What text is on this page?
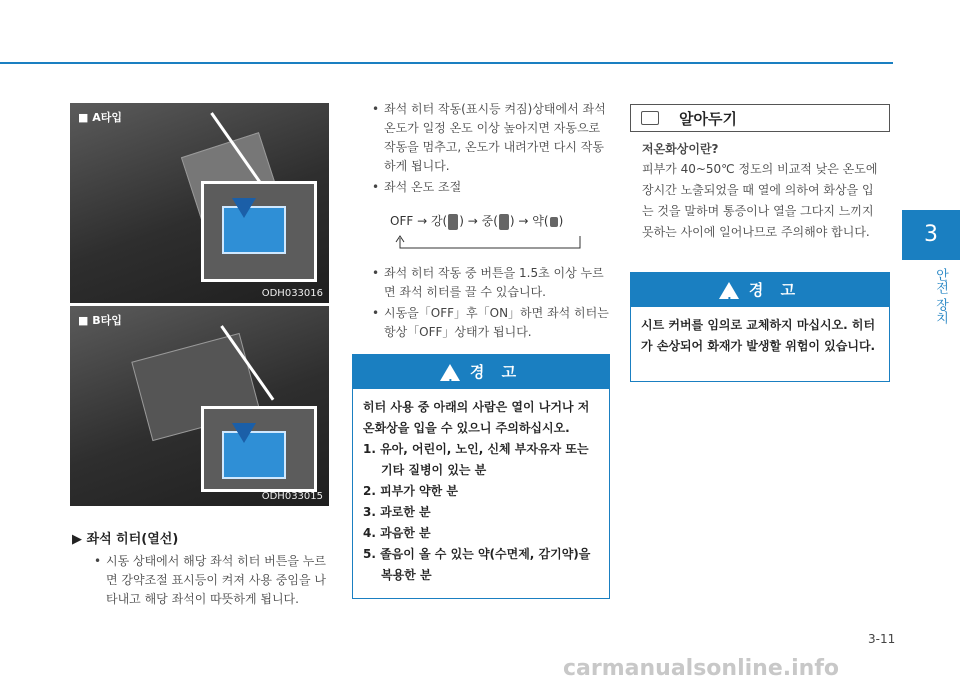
3
안전 장치
■ A타입
ODH033016
■ B타입
ODH033015
▶ 좌석 히터(열선)
• 시동 상태에서 해당 좌석 히터 버튼을 누르면 강약조절 표시등이 켜져 사용 중임을 나타내고 해당 좌석이 따뜻하게 됩니다.
• 좌석 히터 작동(표시등 켜짐)상태에서 좌석 온도가 일정 온도 이상 높아지면 자동으로 작동을 멈추고, 온도가 내려가면 다시 작동하게 됩니다.
• 좌석 온도 조절
OFF → 강( ) → 중( ) → 약( )
• 좌석 히터 작동 중 버튼을 1.5초 이상 누르면 좌석 히터를 끌 수 있습니다.
• 시동을「OFF」후「ON」하면 좌석 히터는 항상「OFF」상태가 됩니다.
!
경 고
히터 사용 중 아래의 사람은 열이 나거나 저온화상을 입을 수 있으니 주의하십시오.
1. 유아, 어린이, 노인, 신체 부자유자 또는 기타 질병이 있는 분
2. 피부가 약한 분
3. 과로한 분
4. 과음한 분
5. 졸음이 올 수 있는 약(수면제, 감기약)을 복용한 분
알아두기
저온화상이란?
피부가 40~50℃ 정도의 비교적 낮은 온도에 장시간 노출되었을 때 열에 의하여 화상을 입는 것을 말하며 통증이나 열을 그다지 느끼지 못하는 사이에 일어나므로 주의해야 합니다.
!
경 고
시트 커버를 임의로 교체하지 마십시오. 히터가 손상되어 화재가 발생할 위험이 있습니다.
3-11
carmanualsonline.info
